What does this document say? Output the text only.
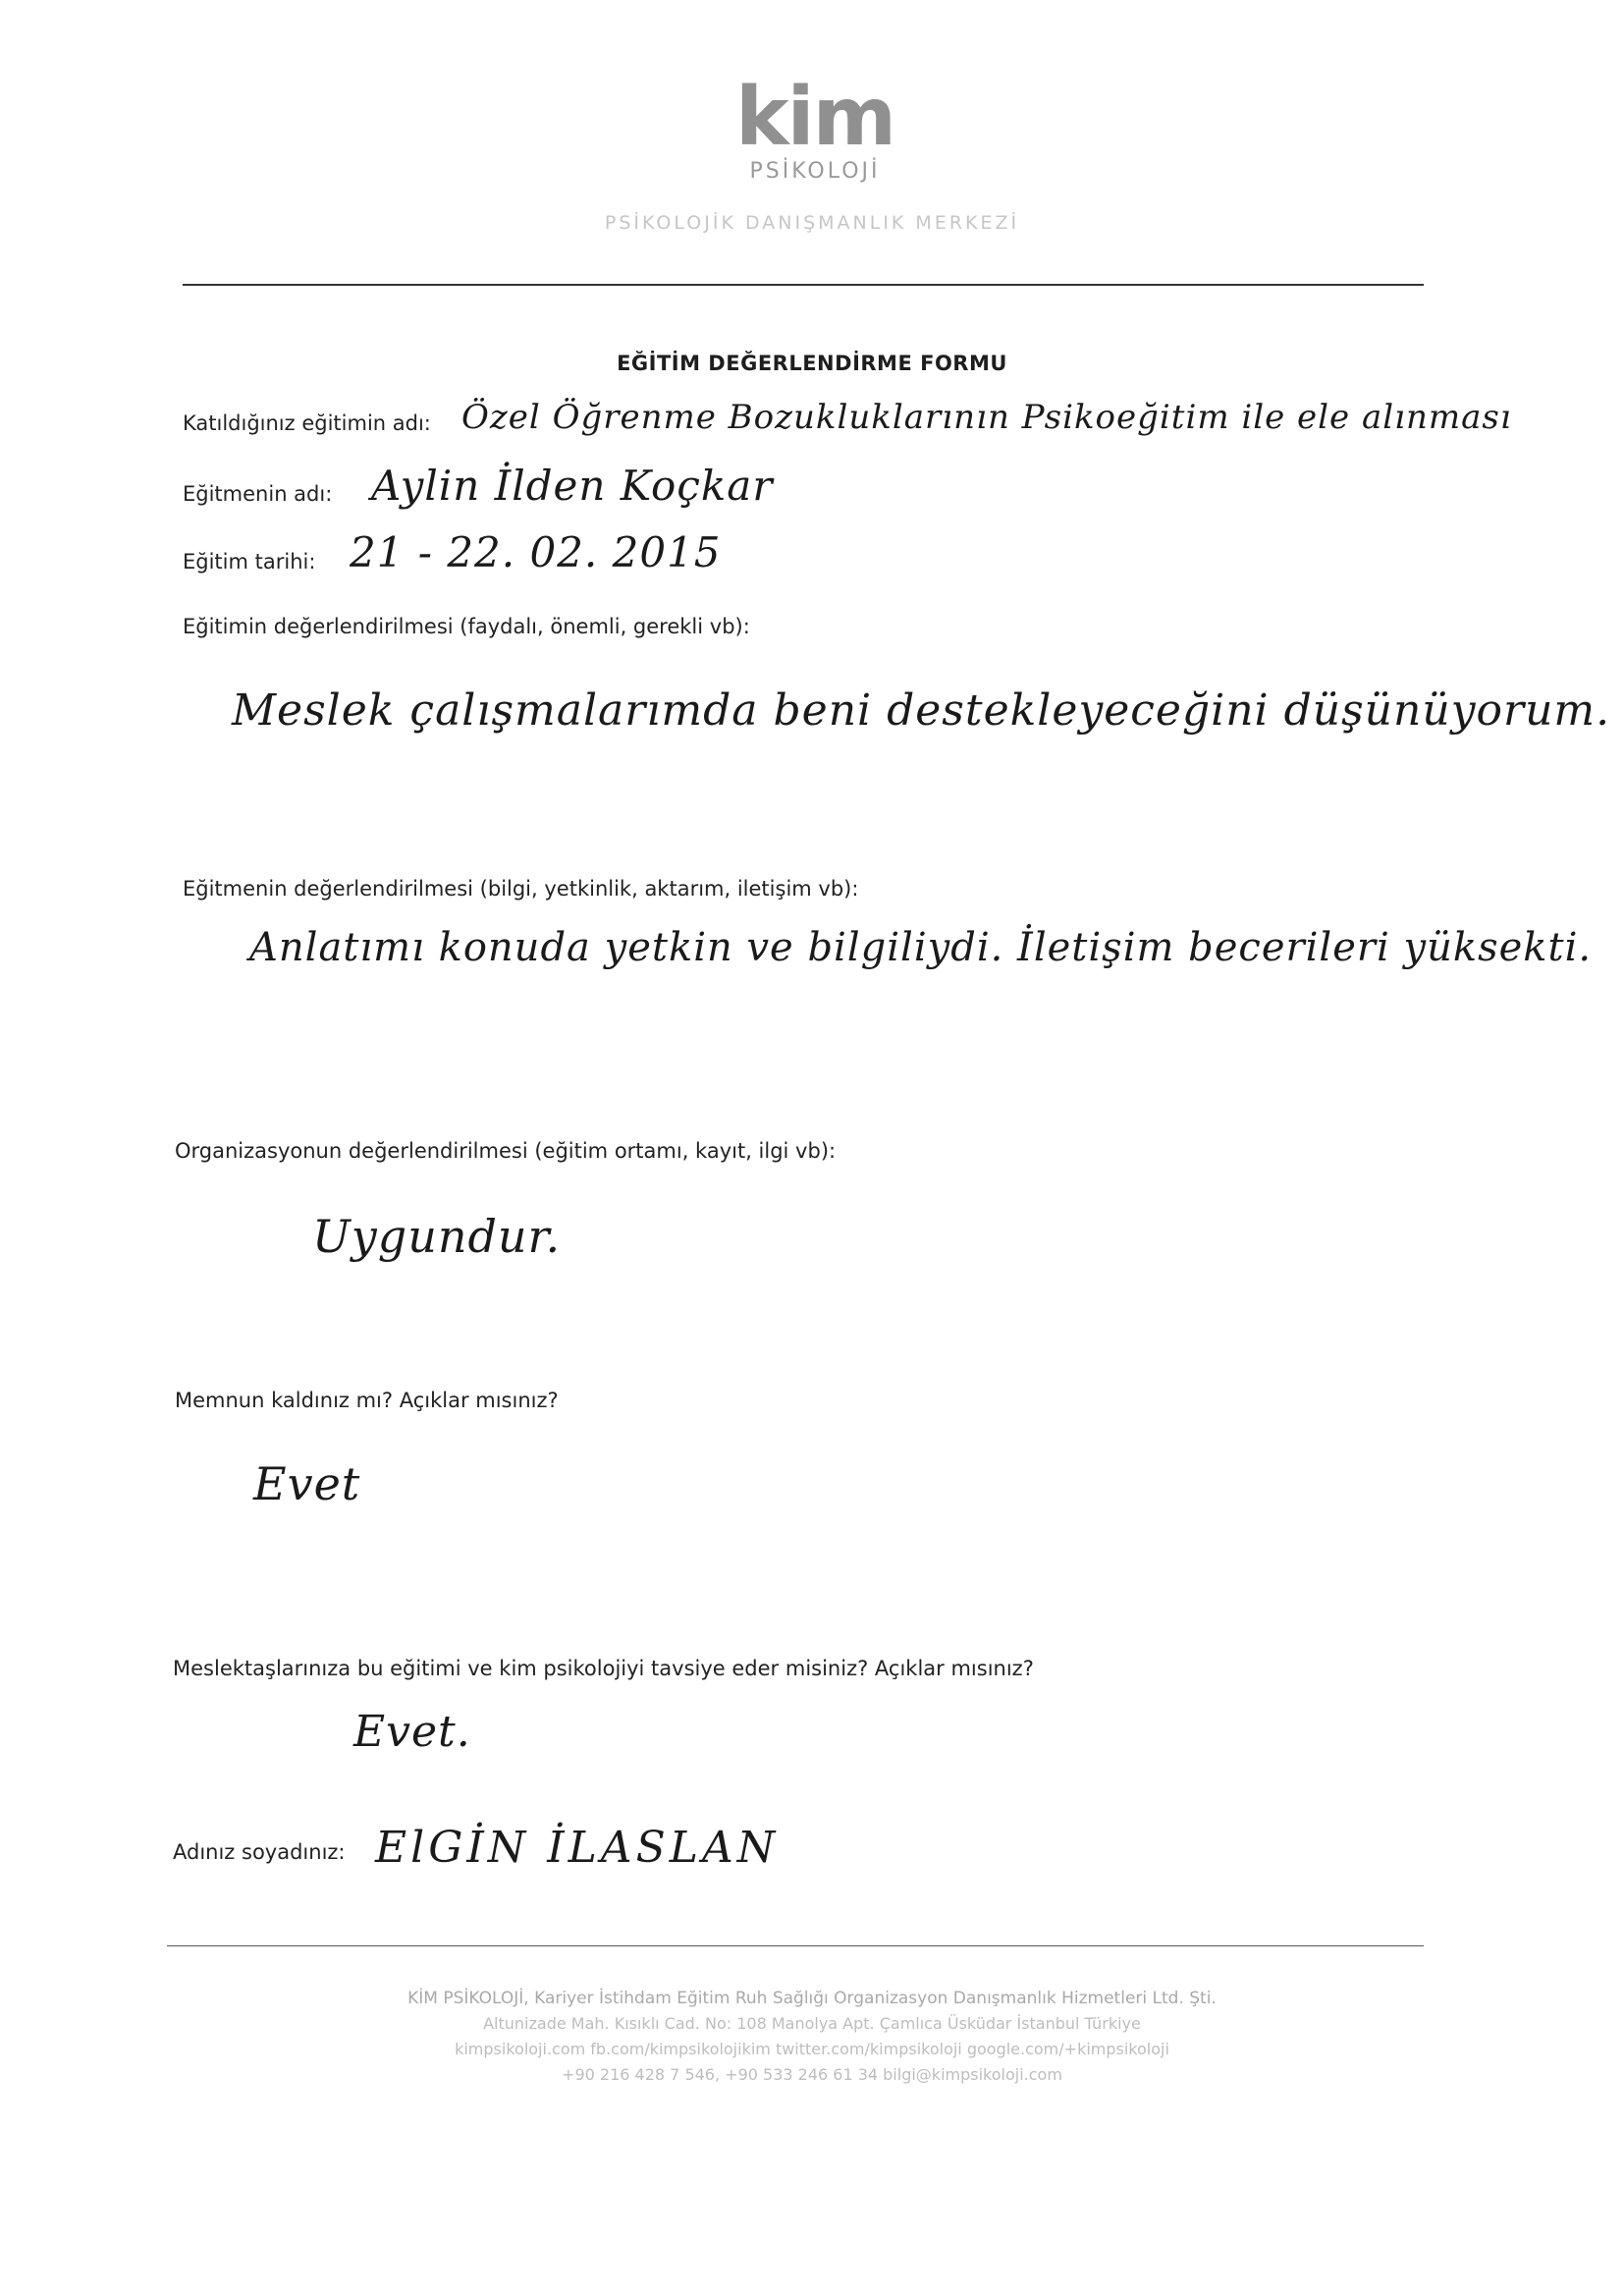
kim
PSİKOLOJİ
PSİKOLOJİK DANIŞMANLIK MERKEZİ
EĞİTİM DEĞERLENDİRME FORMU
Katıldığınız eğitimin adı: Özel Öğrenme Bozukluklarının Psikoeğitim ile ele alınması
Eğitmenin adı: Aylin İlden Koçkar
Eğitim tarihi: 21 - 22. 02. 2015
Eğitimin değerlendirilmesi (faydalı, önemli, gerekli vb):
Meslek çalışmalarımda beni destekleyeceğini düşünüyorum.
Eğitmenin değerlendirilmesi (bilgi, yetkinlik, aktarım, iletişim vb):
Anlatımı konuda yetkin ve bilgiliydi. İletişim becerileri yüksekti.
Organizasyonun değerlendirilmesi (eğitim ortamı, kayıt, ilgi vb):
Uygundur.
Memnun kaldınız mı? Açıklar mısınız?
Evet
Meslektaşlarınıza bu eğitimi ve kim psikolojiyi tavsiye eder misiniz? Açıklar mısınız?
Evet.
Adınız soyadınız: ElGİN İLASLAN
KİM PSİKOLOJİ, Kariyer İstihdam Eğitim Ruh Sağlığı Organizasyon Danışmanlık Hizmetleri Ltd. Şti.
Altunizade Mah. Kısıklı Cad. No: 108 Manolya Apt. Çamlıca Üsküdar İstanbul Türkiye
kimpsikoloji.com fb.com/kimpsikolojikim twitter.com/kimpsikoloji google.com/+kimpsikoloji
+90 216 428 7 546, +90 533 246 61 34 bilgi@kimpsikoloji.com
